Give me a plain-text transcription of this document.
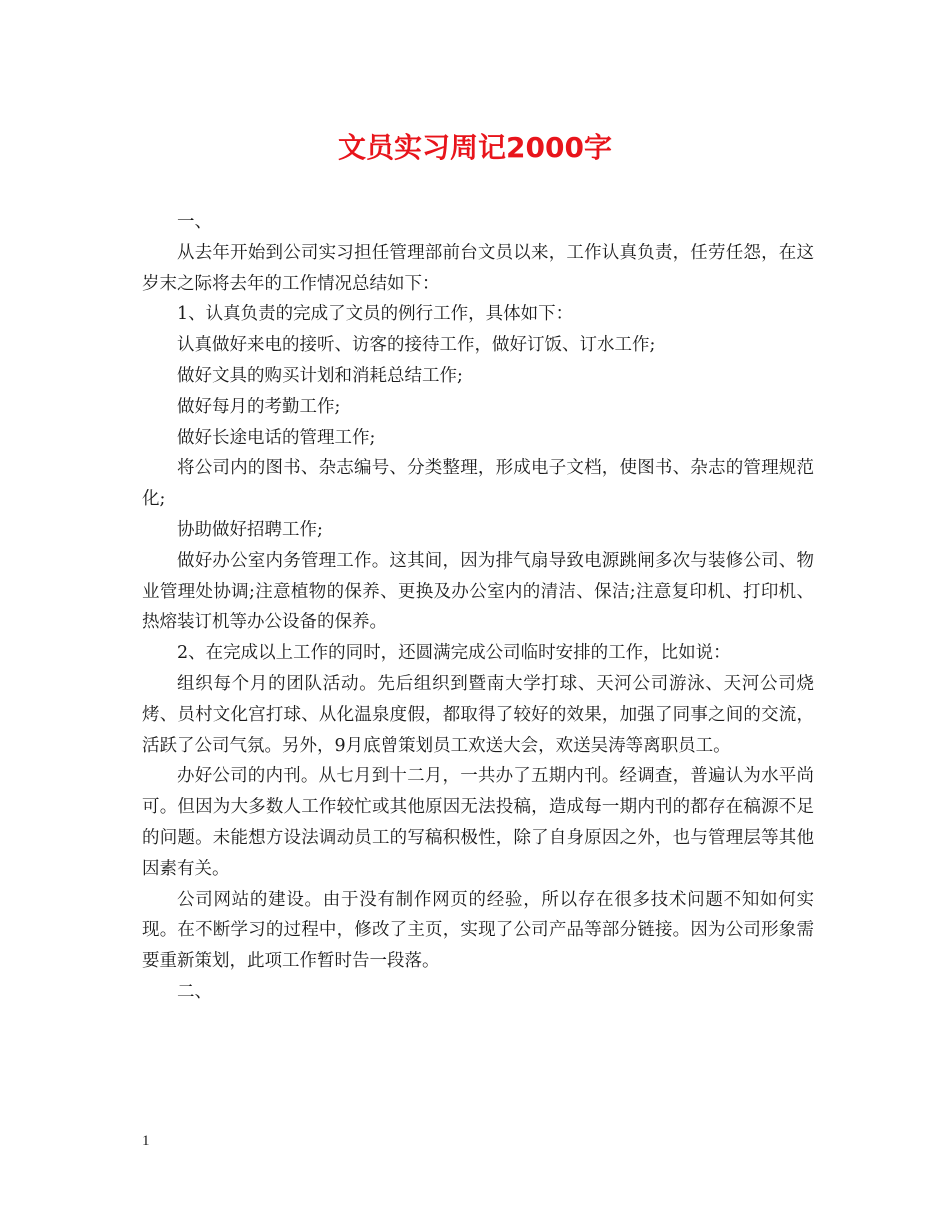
文员实习周记2000字

一、

从去年开始到公司实习担任管理部前台文员以来，工作认真负责，任劳任怨，在这岁末之际将去年的工作情况总结如下：

1、认真负责的完成了文员的例行工作，具体如下：

认真做好来电的接听、访客的接待工作，做好订饭、订水工作;

做好文具的购买计划和消耗总结工作;

做好每月的考勤工作;

做好长途电话的管理工作;

将公司内的图书、杂志编号、分类整理，形成电子文档，使图书、杂志的管理规范化;

协助做好招聘工作;

做好办公室内务管理工作。这其间，因为排气扇导致电源跳闸多次与装修公司、物业管理处协调;注意植物的保养、更换及办公室内的清洁、保洁;注意复印机、打印机、热熔装订机等办公设备的保养。

2、在完成以上工作的同时，还圆满完成公司临时安排的工作，比如说：

组织每个月的团队活动。先后组织到暨南大学打球、天河公司游泳、天河公司烧烤、员村文化宫打球、从化温泉度假，都取得了较好的效果，加强了同事之间的交流，活跃了公司气氛。另外，9月底曾策划员工欢送大会，欢送吴涛等离职员工。

办好公司的内刊。从七月到十二月，一共办了五期内刊。经调查，普遍认为水平尚可。但因为大多数人工作较忙或其他原因无法投稿，造成每一期内刊的都存在稿源不足的问题。未能想方设法调动员工的写稿积极性，除了自身原因之外，也与管理层等其他因素有关。

公司网站的建设。由于没有制作网页的经验，所以存在很多技术问题不知如何实现。在不断学习的过程中，修改了主页，实现了公司产品等部分链接。因为公司形象需要重新策划，此项工作暂时告一段落。

二、

1
